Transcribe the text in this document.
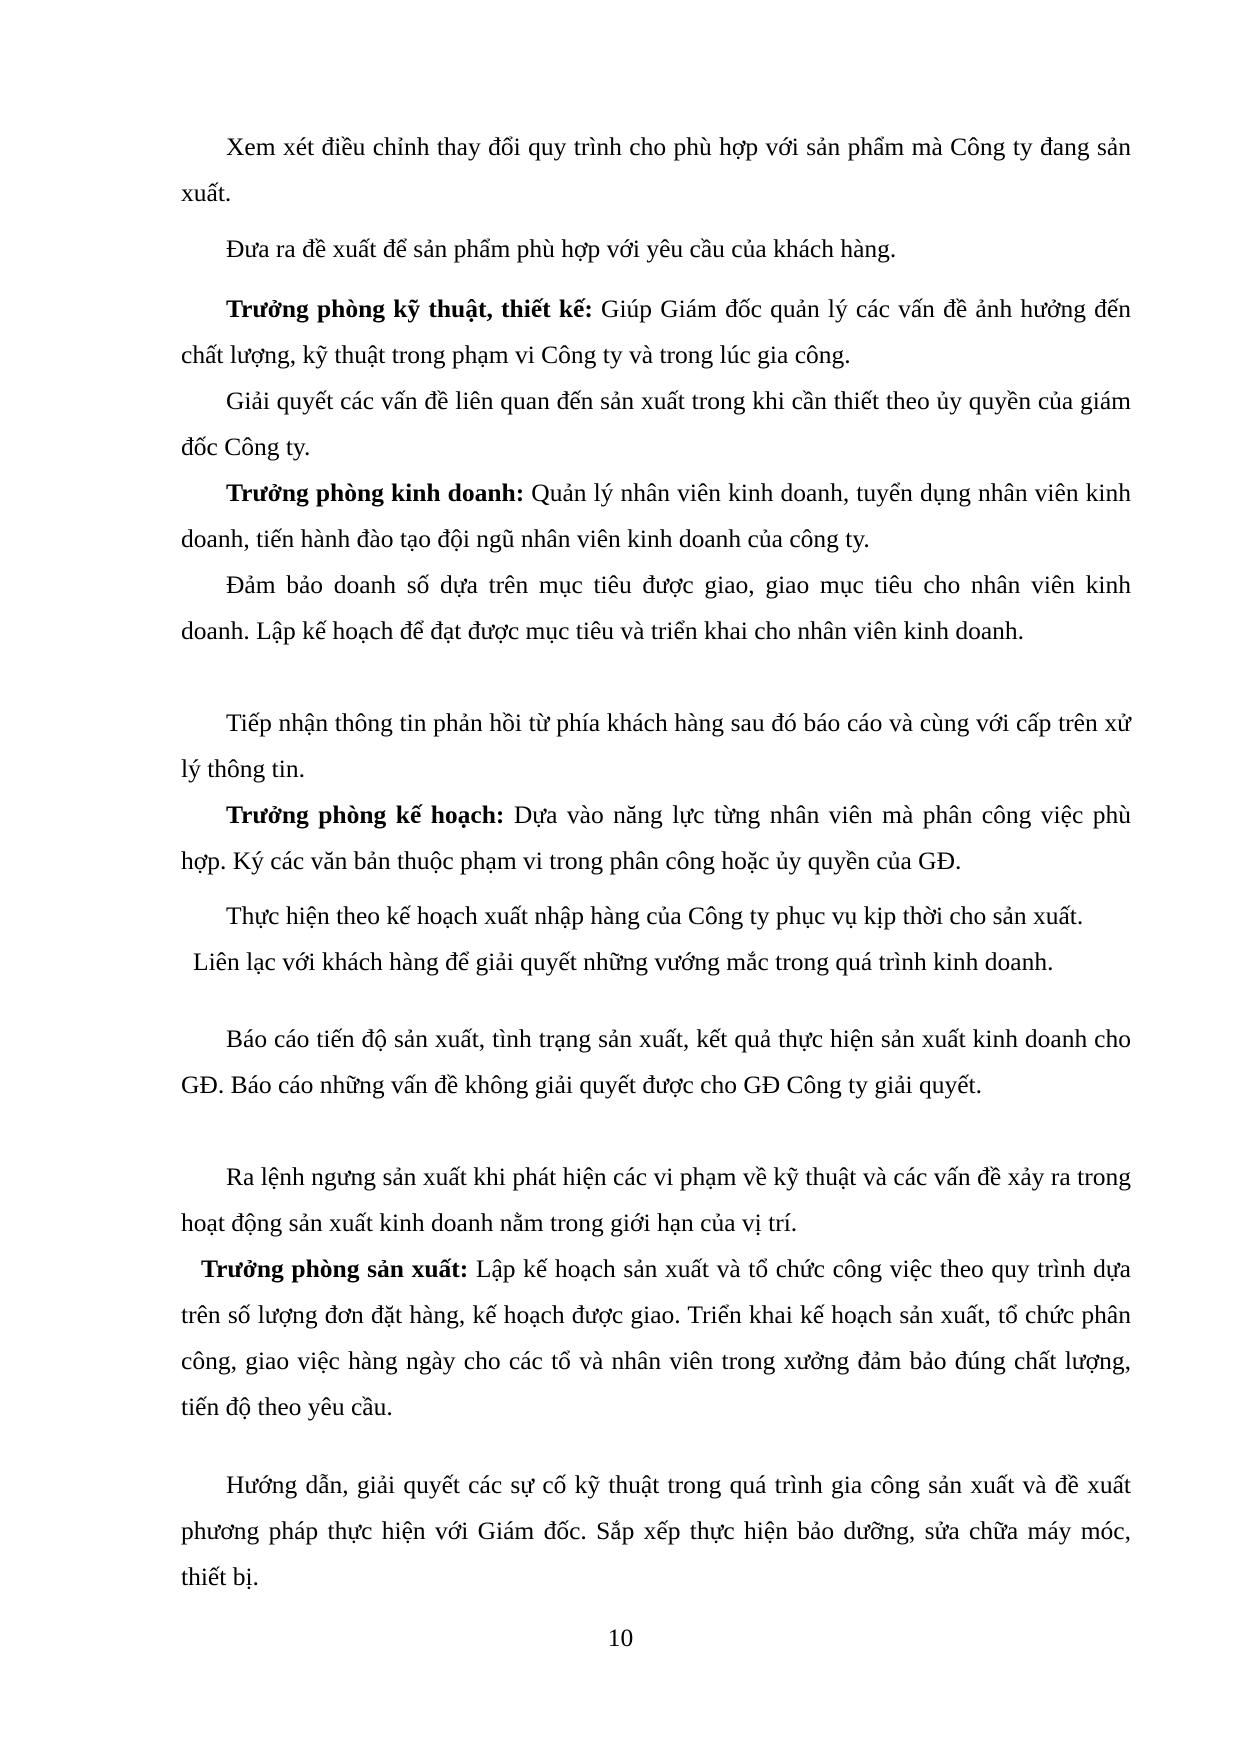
Xem xét điều chỉnh thay đổi quy trình cho phù hợp với sản phẩm mà Công ty đang sản xuất.

Đưa ra đề xuất để sản phẩm phù hợp với yêu cầu của khách hàng.

Trưởng phòng kỹ thuật, thiết kế: Giúp Giám đốc quản lý các vấn đề ảnh hưởng đến chất lượng, kỹ thuật trong phạm vi Công ty và trong lúc gia công.

Giải quyết các vấn đề liên quan đến sản xuất trong khi cần thiết theo ủy quyền của giám đốc Công ty.

Trưởng phòng kinh doanh: Quản lý nhân viên kinh doanh, tuyển dụng nhân viên kinh doanh, tiến hành đào tạo đội ngũ nhân viên kinh doanh của công ty.

Đảm bảo doanh số dựa trên mục tiêu được giao, giao mục tiêu cho nhân viên kinh doanh. Lập kế hoạch để đạt được mục tiêu và triển khai cho nhân viên kinh doanh.

Tiếp nhận thông tin phản hồi từ phía khách hàng sau đó báo cáo và cùng với cấp trên xử lý thông tin.

Trưởng phòng kế hoạch: Dựa vào năng lực từng nhân viên mà phân công việc phù hợp. Ký các văn bản thuộc phạm vi trong phân công hoặc ủy quyền của GĐ.

Thực hiện theo kế hoạch xuất nhập hàng của Công ty phục vụ kịp thời cho sản xuất.

Liên lạc với khách hàng để giải quyết những vướng mắc trong quá trình kinh doanh.

Báo cáo tiến độ sản xuất, tình trạng sản xuất, kết quả thực hiện sản xuất kinh doanh cho GĐ. Báo cáo những vấn đề không giải quyết được cho GĐ Công ty giải quyết.

Ra lệnh ngưng sản xuất khi phát hiện các vi phạm về kỹ thuật và các vấn đề xảy ra trong hoạt động sản xuất kinh doanh nằm trong giới hạn của vị trí.

Trưởng phòng sản xuất: Lập kế hoạch sản xuất và tổ chức công việc theo quy trình dựa trên số lượng đơn đặt hàng, kế hoạch được giao. Triển khai kế hoạch sản xuất, tổ chức phân công, giao việc hàng ngày cho các tổ và nhân viên trong xưởng đảm bảo đúng chất lượng, tiến độ theo yêu cầu.

Hướng dẫn, giải quyết các sự cố kỹ thuật trong quá trình gia công sản xuất và đề xuất phương pháp thực hiện với Giám đốc. Sắp xếp thực hiện bảo dưỡng, sửa chữa máy móc, thiết bị.

10
